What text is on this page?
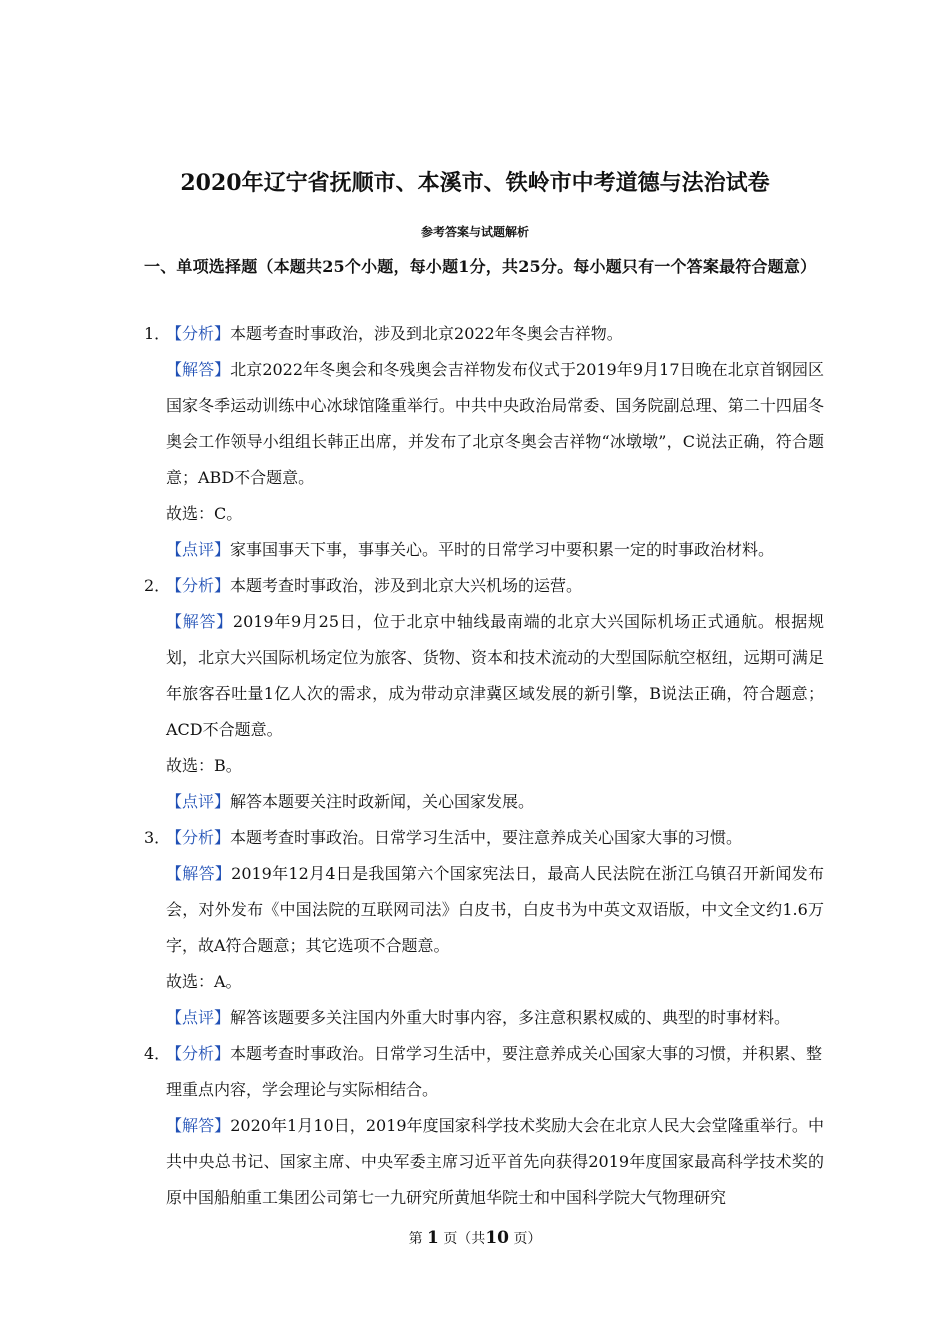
2020年辽宁省抚顺市、本溪市、铁岭市中考道德与法治试卷
参考答案与试题解析
一、单项选择题（本题共25个小题，每小题1分，共25分。每小题只有一个答案最符合题意）
1．
【分析】本题考查时事政治，涉及到北京2022年冬奥会吉祥物。
【解答】北京2022年冬奥会和冬残奥会吉祥物发布仪式于2019年9月17日晚在北京首钢园区国家冬季运动训练中心冰球馆隆重举行。中共中央政治局常委、国务院副总理、第二十四届冬奥会工作领导小组组长韩正出席，并发布了北京冬奥会吉祥物“冰墩墩”，C说法正确，符合题意；ABD不合题意。
故选：C。
【点评】家事国事天下事，事事关心。平时的日常学习中要积累一定的时事政治材料。
2．
【分析】本题考查时事政治，涉及到北京大兴机场的运营。
【解答】2019年9月25日，位于北京中轴线最南端的北京大兴国际机场正式通航。根据规划，北京大兴国际机场定位为旅客、货物、资本和技术流动的大型国际航空枢纽，远期可满足年旅客吞吐量1亿人次的需求，成为带动京津冀区域发展的新引擎，B说法正确，符合题意；ACD不合题意。
故选：B。
【点评】解答本题要关注时政新闻，关心国家发展。
3．
【分析】本题考查时事政治。日常学习生活中，要注意养成关心国家大事的习惯。
【解答】2019年12月4日是我国第六个国家宪法日，最高人民法院在浙江乌镇召开新闻发布会，对外发布《中国法院的互联网司法》白皮书，白皮书为中英文双语版，中文全文约1.6万字，故A符合题意；其它选项不合题意。
故选：A。
【点评】解答该题要多关注国内外重大时事内容，多注意积累权威的、典型的时事材料。
4．
【分析】本题考查时事政治。日常学习生活中，要注意养成关心国家大事的习惯，并积累、整理重点内容，学会理论与实际相结合。
【解答】2020年1月10日，2019年度国家科学技术奖励大会在北京人民大会堂隆重举行。中共中央总书记、国家主席、中央军委主席习近平首先向获得2019年度国家最高科学技术奖的原中国船舶重工集团公司第七一九研究所黄旭华院士和中国科学院大气物理研究
第 1 页（共10 页）
